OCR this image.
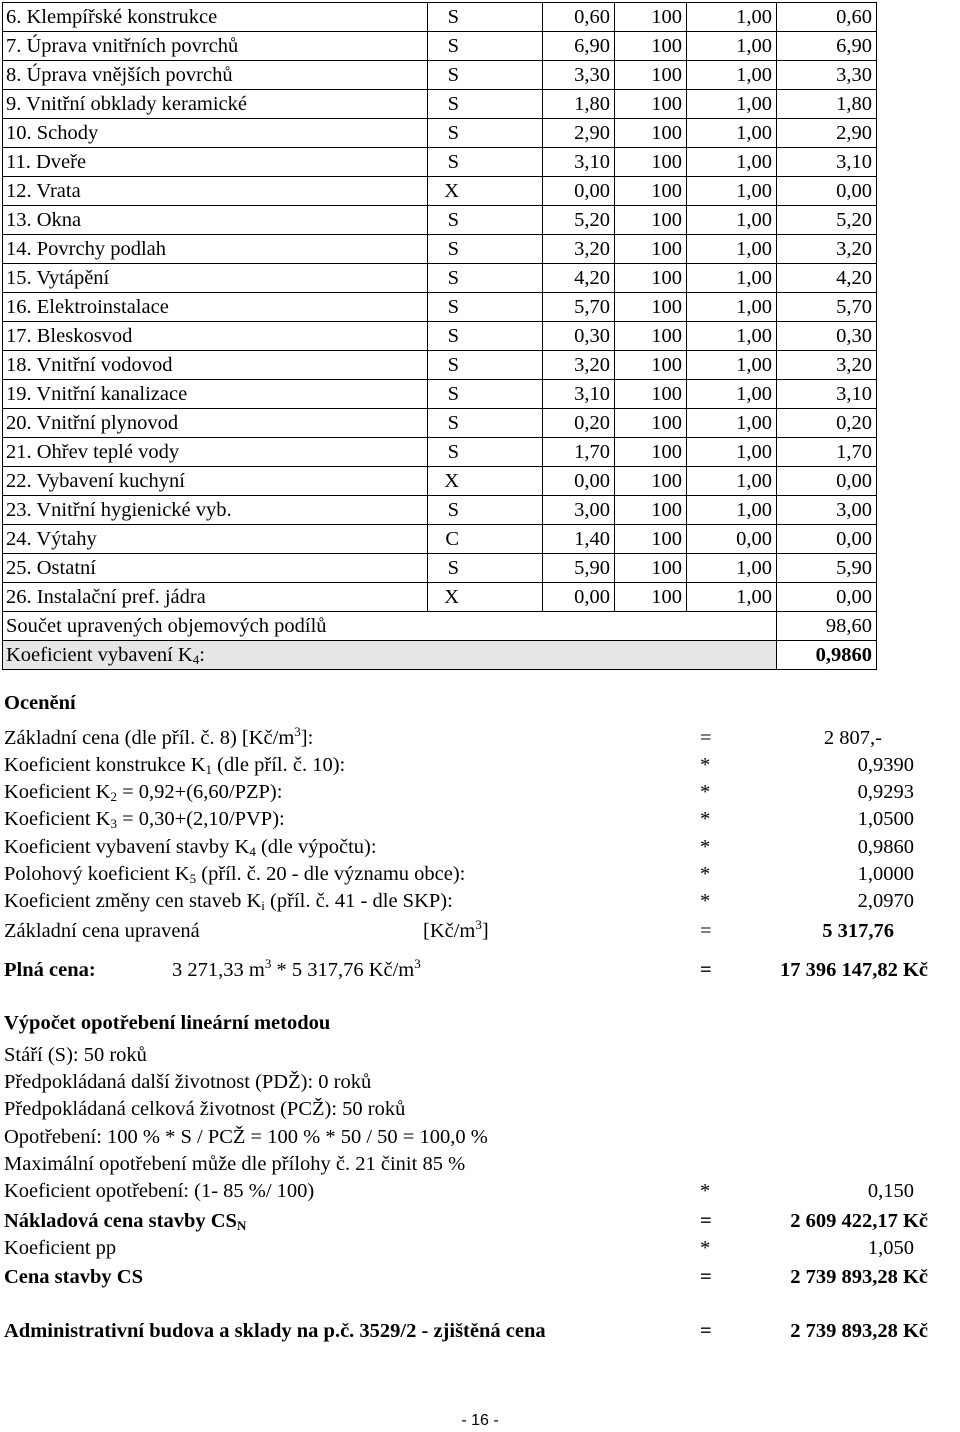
6. Klempířské konstrukce	S	0,60	100	1,00	0,60
7. Úprava vnitřních povrchů	S	6,90	100	1,00	6,90
8. Úprava vnějších povrchů	S	3,30	100	1,00	3,30
9. Vnitřní obklady keramické	S	1,80	100	1,00	1,80
10. Schody	S	2,90	100	1,00	2,90
11. Dveře	S	3,10	100	1,00	3,10
12. Vrata	X	0,00	100	1,00	0,00
13. Okna	S	5,20	100	1,00	5,20
14. Povrchy podlah	S	3,20	100	1,00	3,20
15. Vytápění	S	4,20	100	1,00	4,20
16. Elektroinstalace	S	5,70	100	1,00	5,70
17. Bleskosvod	S	0,30	100	1,00	0,30
18. Vnitřní vodovod	S	3,20	100	1,00	3,20
19. Vnitřní kanalizace	S	3,10	100	1,00	3,10
20. Vnitřní plynovod	S	0,20	100	1,00	0,20
21. Ohřev teplé vody	S	1,70	100	1,00	1,70
22. Vybavení kuchyní	X	0,00	100	1,00	0,00
23. Vnitřní hygienické vyb.	S	3,00	100	1,00	3,00
24. Výtahy	C	1,40	100	0,00	0,00
25. Ostatní	S	5,90	100	1,00	5,90
26. Instalační pref. jádra	X	0,00	100	1,00	0,00
Součet upravených objemových podílů					98,60
Koeficient vybavení $K_4$:					0,9860
Ocenění
Základní cena (dle příl. č. 8) $[Kč/m^3]$:	=	2 807,-
Koeficient konstrukce $K_1$ (dle příl. č. 10):	*	0,9390
Koeficient $K_2 = 0,92+(6,60/PZP)$:	*	0,9293
Koeficient $K_3 = 0,30+(2,10/PVP)$:	*	1,0500
Koeficient vybavení stavby $K_4$ (dle výpočtu):	*	0,9860
Polohový koeficient $K_5$ (příl. č. 20 - dle významu obce):	*	1,0000
Koeficient změny cen staveb $K_i$ (příl. č. 41 - dle SKP):	*	2,0970
Základní cena upravená	$[Kč/m^3]$	=	5 317,76
Plná cena:	3 271,33 $m^3 * 5$ 317,76 $Kč/m^3$	=	17 396 147,82 Kč
Výpočet opotřebení lineární metodou
Stáří (S): 50 roků
Předpokládaná další životnost (PDŽ): 0 roků
Předpokládaná celková životnost (PCŽ): 50 roků
Opotřebení: 100 % * S / PCŽ = 100 % * 50 / 50 = 100,0 %
Maximální opotřebení může dle přílohy č. 21 činit 85 %
Koeficient opotřebení: (1- 85 %/ 100)	*	0,150
Nákladová cena stavby $CS_N$	=	2 609 422,17 Kč
Koeficient pp	*	1,050
Cena stavby CS	=	2 739 893,28 Kč
Administrativní budova a sklady na p.č. 3529/2 - zjištěná cena	=	2 739 893,28 Kč
- 16 -
